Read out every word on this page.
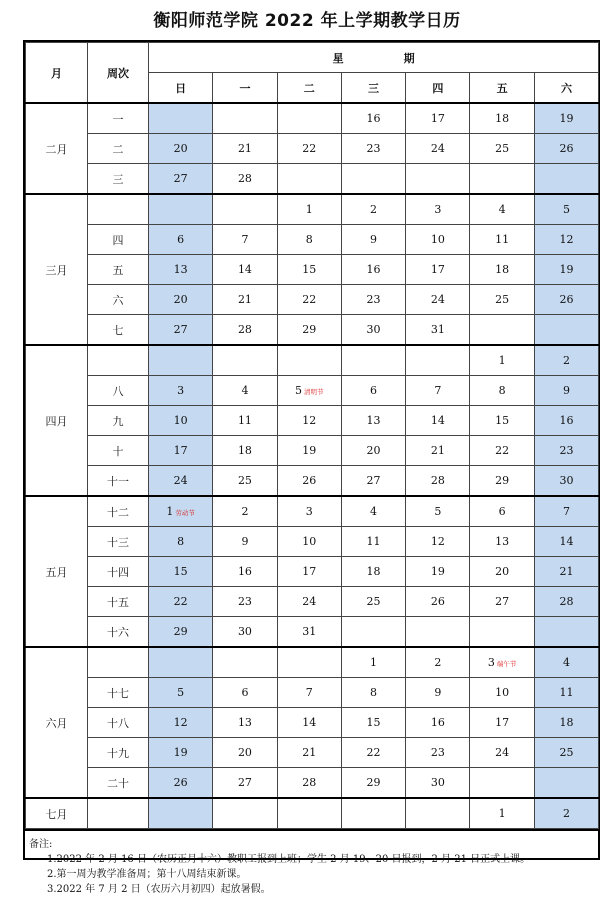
衡阳师范学院 2022 年上学期教学日历
月	周次	星 期						
		日	一	二	三	四	五	六
二月	一				16	17	18	19
	二	20	21	22	23	24	25	26
	三	27	28					
三月				1	2	3	4	5
	四	6	7	8	9	10	11	12
	五	13	14	15	16	17	18	19
	六	20	21	22	23	24	25	26
	七	27	28	29	30	31		
四月							1	2
	八	3	4	5 清明节	6	7	8	9
	九	10	11	12	13	14	15	16
	十	17	18	19	20	21	22	23
	十一	24	25	26	27	28	29	30
五月	十二	1 劳动节	2	3	4	5	6	7
	十三	8	9	10	11	12	13	14
	十四	15	16	17	18	19	20	21
	十五	22	23	24	25	26	27	28
	十六	29	30	31				
六月					1	2	3 端午节	4
	十七	5	6	7	8	9	10	11
	十八	12	13	14	15	16	17	18
	十九	19	20	21	22	23	24	25
	二十	26	27	28	29	30		
七月							1	2
备注:
1.2022 年 2 月 16 日（农历正月十六）教职工报到上班；学生 2 月 19、20 日报到，2 月 21 日正式上课。
2.第一周为教学准备周；第十八周结束新课。
3.2022 年 7 月 2 日（农历六月初四）起放暑假。
